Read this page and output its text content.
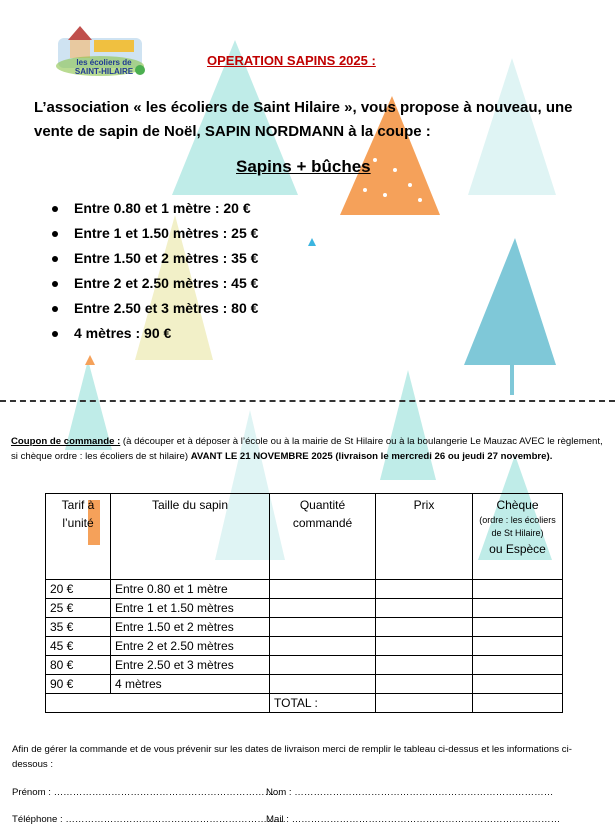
les écoliers de SAINT-HILAIRE
OPERATION SAPINS 2025 :
L’association « les écoliers de Saint Hilaire », vous propose à nouveau, une vente de sapin de Noël, SAPIN NORDMANN à la coupe :
Sapins + bûches
Entre 0.80 et 1 mètre : 20 €
Entre 1 et 1.50 mètres : 25 €
Entre 1.50 et 2 mètres : 35 €
Entre 2 et 2.50 mètres : 45 €
Entre 2.50 et 3 mètres : 80 €
4 mètres : 90 €
Coupon de commande : (à découper et à déposer à l’école ou à la mairie de St Hilaire ou à la boulangerie Le Mauzac AVEC le règlement, si chèque ordre : les écoliers de st hilaire) AVANT LE 21 NOVEMBRE 2025 (livraison le mercredi 26 ou jeudi 27 novembre).
Tarif à l’unité	Taille du sapin	Quantité commandé	Prix	Chèque
(ordre : les écoliers de St Hilaire)
ou Espèce
20 €	Entre 0.80 et 1 mètre			
25 €	Entre 1 et 1.50 mètres			
35 €	Entre 1.50 et 2 mètres			
45 €	Entre 2 et 2.50 mètres			
80 €	Entre 2.50 et 3 mètres			
90 €	4 mètres			
		TOTAL :		
Afin de gérer la commande et de vous prévenir sur les dates de livraison merci de remplir le tableau ci-dessus et les informations ci-dessous :
Prénom : ………………………………………………………………
Nom : ………………………………………………………………………
Téléphone : ……………………………………………………………
Mail : …………………………………………………………………………
